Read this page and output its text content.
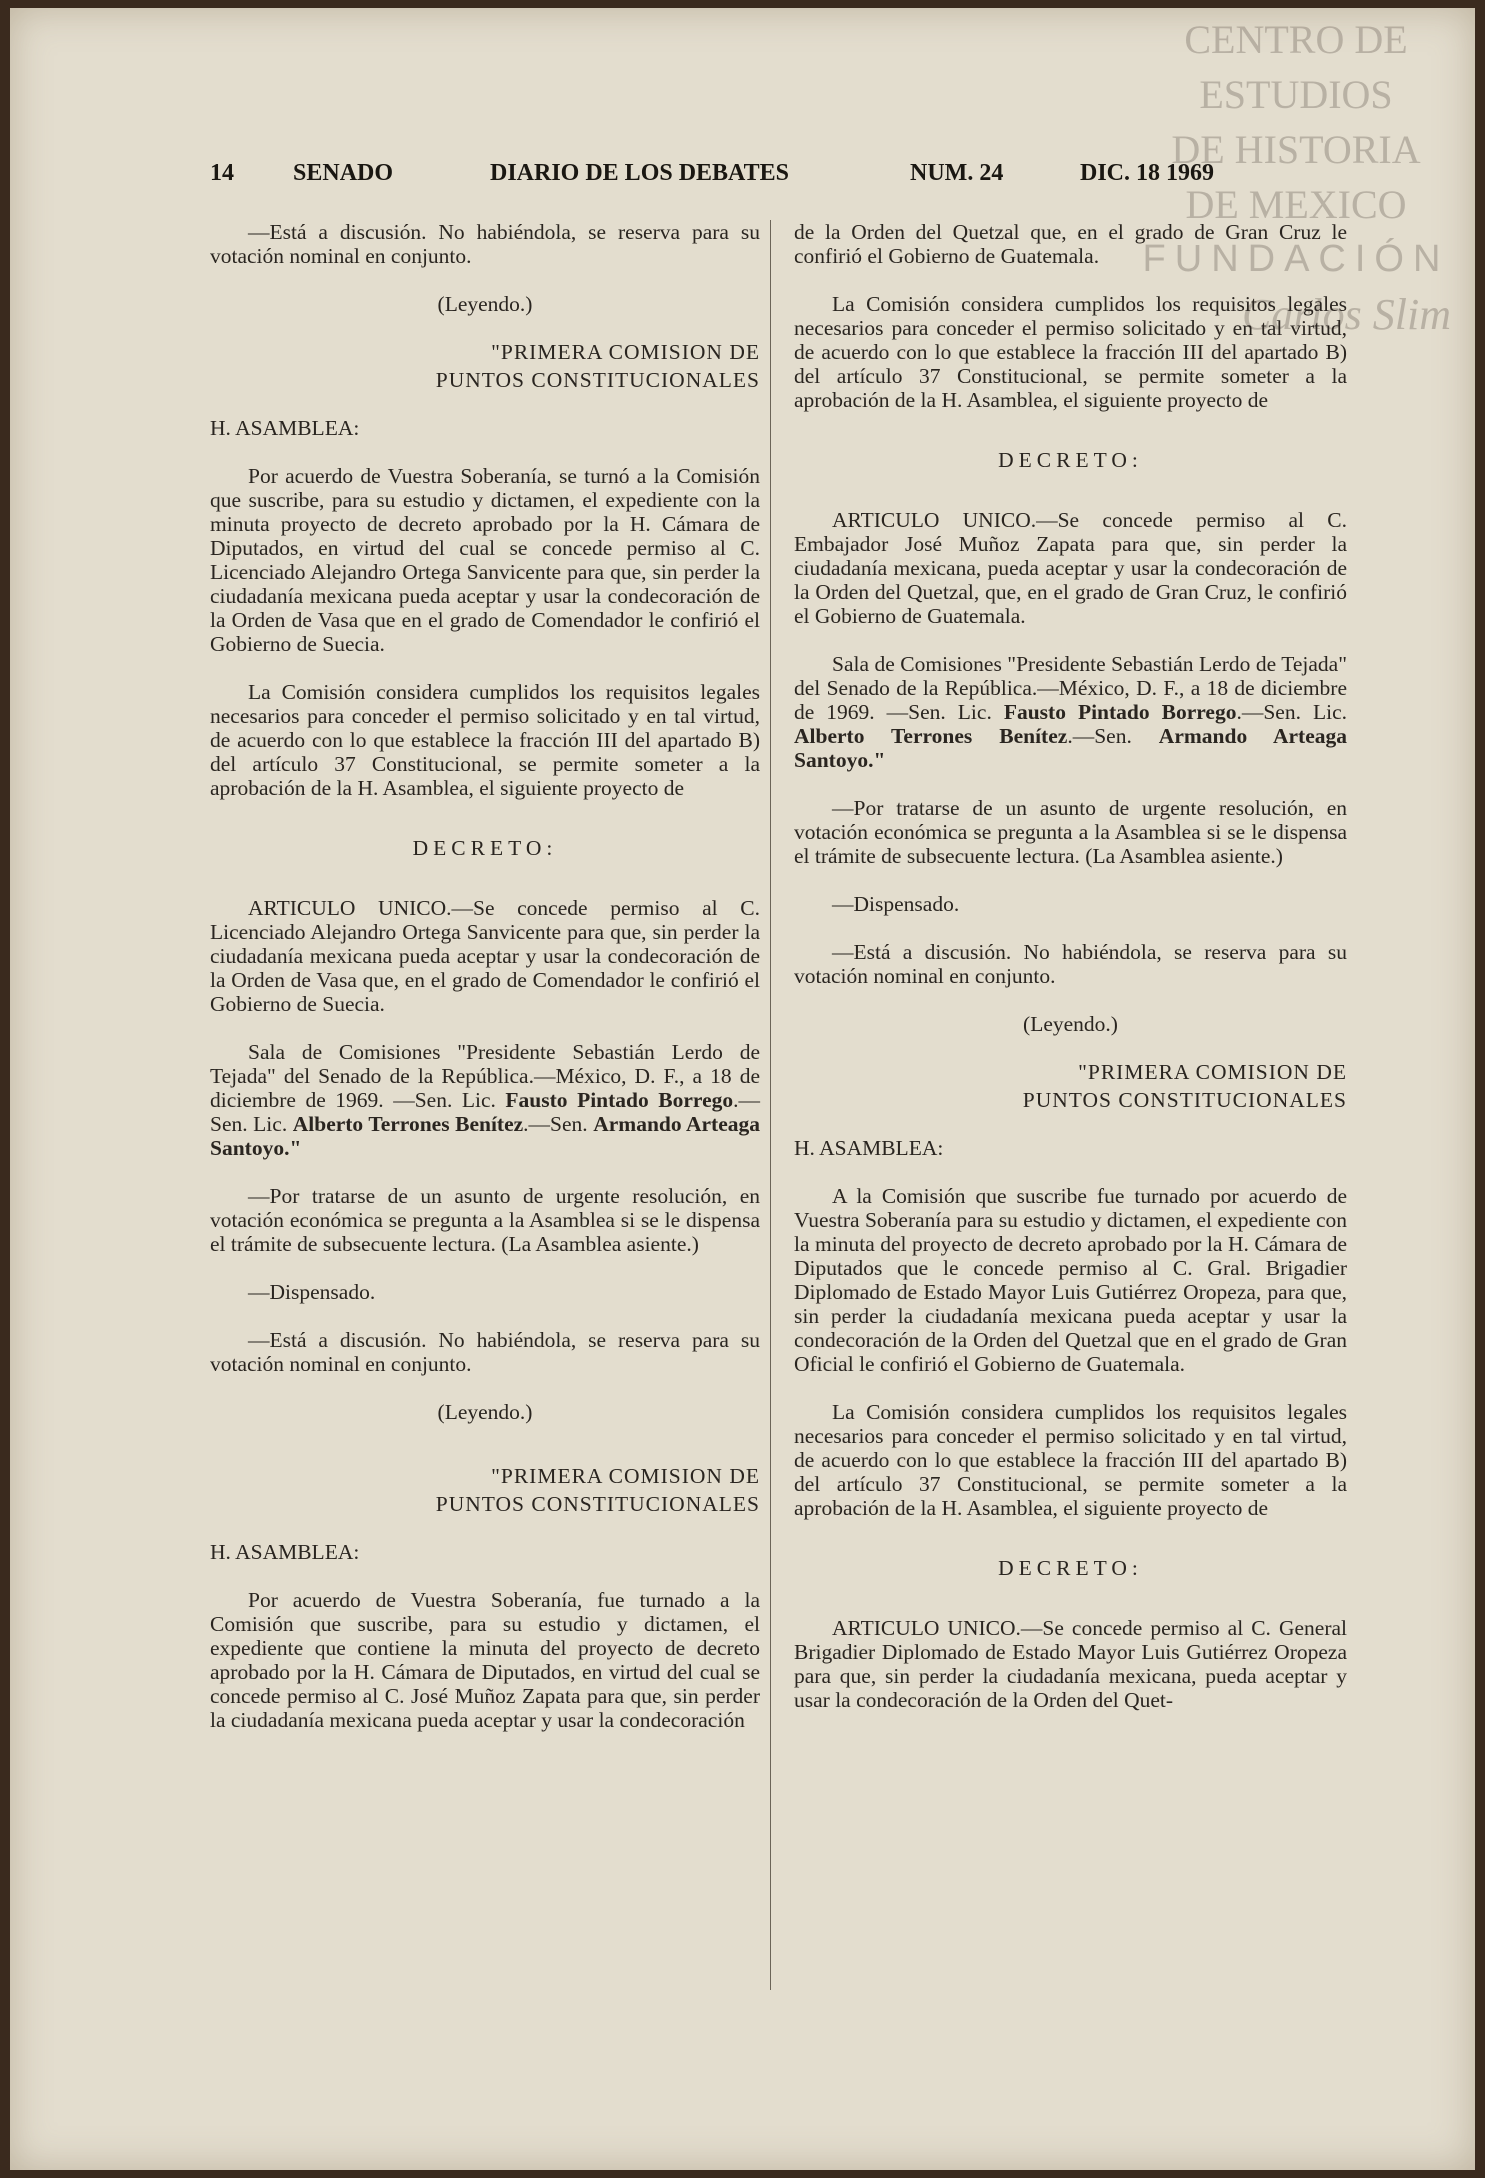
CENTRO DE
ESTUDIOS
DE HISTORIA
DE MEXICO
FUNDACIÓN
Carlos Slim
14 SENADO	DIARIO DE LOS DEBATES	NUM. 24	DIC. 18 1969

—Está a discusión. No habiéndola, se reserva para su votación nominal en conjunto.

(Leyendo.)

"PRIMERA COMISION DE

PUNTOS CONSTITUCIONALES

H. ASAMBLEA:

Por acuerdo de Vuestra Soberanía, se turnó a la Comisión que suscribe, para su estudio y dictamen, el expediente con la minuta proyecto de decreto aprobado por la H. Cámara de Diputados, en virtud del cual se concede permiso al C. Licenciado Alejandro Ortega Sanvicente para que, sin perder la ciudadanía mexicana pueda aceptar y usar la condecoración de la Orden de Vasa que en el grado de Comendador le confirió el Gobierno de Suecia.

La Comisión considera cumplidos los requisitos legales necesarios para conceder el permiso solicitado y en tal virtud, de acuerdo con lo que establece la fracción III del apartado B) del artículo 37 Constitucional, se permite someter a la aprobación de la H. Asamblea, el siguiente proyecto de

DECRETO:

ARTICULO UNICO.—Se concede permiso al C. Licenciado Alejandro Ortega Sanvicente para que, sin perder la ciudadanía mexicana pueda aceptar y usar la condecoración de la Orden de Vasa que, en el grado de Comendador le confirió el Gobierno de Suecia.

Sala de Comisiones "Presidente Sebastián Lerdo de Tejada" del Senado de la República.—México, D. F., a 18 de diciembre de 1969. —Sen. Lic. Fausto Pintado Borrego.—Sen. Lic. Alberto Terrones Benítez.—Sen. Armando Arteaga Santoyo."

—Por tratarse de un asunto de urgente resolución, en votación económica se pregunta a la Asamblea si se le dispensa el trámite de subsecuente lectura. (La Asamblea asiente.)

—Dispensado.

—Está a discusión. No habiéndola, se reserva para su votación nominal en conjunto.

(Leyendo.)

"PRIMERA COMISION DE

PUNTOS CONSTITUCIONALES

H. ASAMBLEA:

Por acuerdo de Vuestra Soberanía, fue turnado a la Comisión que suscribe, para su estudio y dictamen, el expediente que contiene la minuta del proyecto de decreto aprobado por la H. Cámara de Diputados, en virtud del cual se concede permiso al C. José Muñoz Zapata para que, sin perder la ciudadanía mexicana pueda aceptar y usar la condecoración

de la Orden del Quetzal que, en el grado de Gran Cruz le confirió el Gobierno de Guatemala.

La Comisión considera cumplidos los requisitos legales necesarios para conceder el permiso solicitado y en tal virtud, de acuerdo con lo que establece la fracción III del apartado B) del artículo 37 Constitucional, se permite someter a la aprobación de la H. Asamblea, el siguiente proyecto de

DECRETO:

ARTICULO UNICO.—Se concede permiso al C. Embajador José Muñoz Zapata para que, sin perder la ciudadanía mexicana, pueda aceptar y usar la condecoración de la Orden del Quetzal, que, en el grado de Gran Cruz, le confirió el Gobierno de Guatemala.

Sala de Comisiones "Presidente Sebastián Lerdo de Tejada" del Senado de la República.—México, D. F., a 18 de diciembre de 1969. —Sen. Lic. Fausto Pintado Borrego.—Sen. Lic. Alberto Terrones Benítez.—Sen. Armando Arteaga Santoyo."

—Por tratarse de un asunto de urgente resolución, en votación económica se pregunta a la Asamblea si se le dispensa el trámite de subsecuente lectura. (La Asamblea asiente.)

—Dispensado.

—Está a discusión. No habiéndola, se reserva para su votación nominal en conjunto.

(Leyendo.)

"PRIMERA COMISION DE

PUNTOS CONSTITUCIONALES

H. ASAMBLEA:

A la Comisión que suscribe fue turnado por acuerdo de Vuestra Soberanía para su estudio y dictamen, el expediente con la minuta del proyecto de decreto aprobado por la H. Cámara de Diputados que le concede permiso al C. Gral. Brigadier Diplomado de Estado Mayor Luis Gutiérrez Oropeza, para que, sin perder la ciudadanía mexicana pueda aceptar y usar la condecoración de la Orden del Quetzal que en el grado de Gran Oficial le confirió el Gobierno de Guatemala.

La Comisión considera cumplidos los requisitos legales necesarios para conceder el permiso solicitado y en tal virtud, de acuerdo con lo que establece la fracción III del apartado B) del artículo 37 Constitucional, se permite someter a la aprobación de la H. Asamblea, el siguiente proyecto de

DECRETO:

ARTICULO UNICO.—Se concede permiso al C. General Brigadier Diplomado de Estado Mayor Luis Gutiérrez Oropeza para que, sin perder la ciudadanía mexicana, pueda aceptar y usar la condecoración de la Orden del Quet-
